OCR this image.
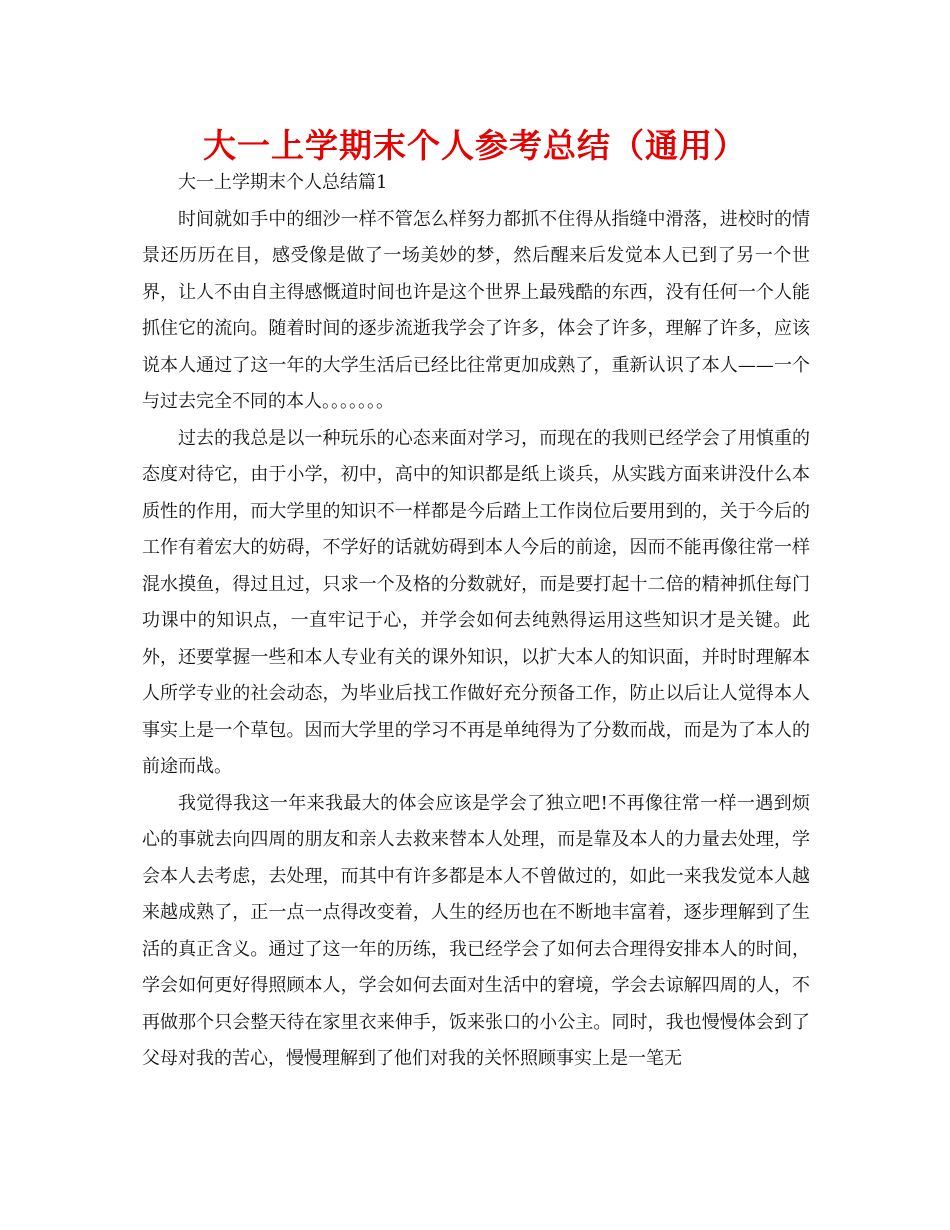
大一上学期末个人参考总结（通用）
大一上学期末个人总结篇1

时间就如手中的细沙一样不管怎么样努力都抓不住得从指缝中滑落，进校时的情景还历历在目，感受像是做了一场美妙的梦，然后醒来后发觉本人已到了另一个世界，让人不由自主得感慨道时间也许是这个世界上最残酷的东西，没有任何一个人能抓住它的流向。随着时间的逐步流逝我学会了许多，体会了许多，理解了许多，应该说本人通过了这一年的大学生活后已经比往常更加成熟了，重新认识了本人——一个与过去完全不同的本人。。。。。。。

过去的我总是以一种玩乐的心态来面对学习，而现在的我则已经学会了用慎重的态度对待它，由于小学，初中，高中的知识都是纸上谈兵，从实践方面来讲没什么本质性的作用，而大学里的知识不一样都是今后踏上工作岗位后要用到的，关于今后的工作有着宏大的妨碍，不学好的话就妨碍到本人今后的前途，因而不能再像往常一样混水摸鱼，得过且过，只求一个及格的分数就好，而是要打起十二倍的精神抓住每门功课中的知识点，一直牢记于心，并学会如何去纯熟得运用这些知识才是关键。此外，还要掌握一些和本人专业有关的课外知识，以扩大本人的知识面，并时时理解本人所学专业的社会动态，为毕业后找工作做好充分预备工作，防止以后让人觉得本人事实上是一个草包。因而大学里的学习不再是单纯得为了分数而战，而是为了本人的前途而战。

我觉得我这一年来我最大的体会应该是学会了独立吧!不再像往常一样一遇到烦心的事就去向四周的朋友和亲人去救来替本人处理，而是靠及本人的力量去处理，学会本人去考虑，去处理，而其中有许多都是本人不曾做过的，如此一来我发觉本人越来越成熟了，正一点一点得改变着，人生的经历也在不断地丰富着，逐步理解到了生活的真正含义。通过了这一年的历练，我已经学会了如何去合理得安排本人的时间，学会如何更好得照顾本人，学会如何去面对生活中的窘境，学会去谅解四周的人，不再做那个只会整天待在家里衣来伸手，饭来张口的小公主。同时，我也慢慢体会到了父母对我的苦心，慢慢理解到了他们对我的关怀照顾事实上是一笔无
